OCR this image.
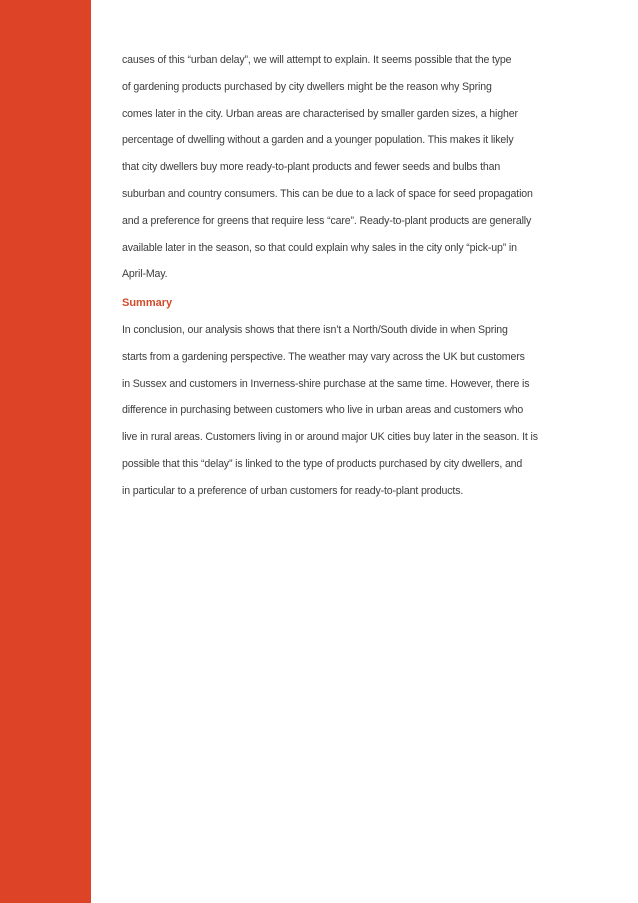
causes of this “urban delay”, we will attempt to explain. It seems possible that the type
of gardening products purchased by city dwellers might be the reason why Spring
comes later in the city. Urban areas are characterised by smaller garden sizes, a higher
percentage of dwelling without a garden and a younger population. This makes it likely
that city dwellers buy more ready-to-plant products and fewer seeds and bulbs than
suburban and country consumers. This can be due to a lack of space for seed propagation
and a preference for greens that require less “care”. Ready-to-plant products are generally
available later in the season, so that could explain why sales in the city only “pick-up” in
April-May.
Summary
In conclusion, our analysis shows that there isn’t a North/South divide in when Spring
starts from a gardening perspective. The weather may vary across the UK but customers
in Sussex and customers in Inverness-shire purchase at the same time. However, there is
difference in purchasing between customers who live in urban areas and customers who
live in rural areas. Customers living in or around major UK cities buy later in the season. It is
possible that this “delay” is linked to the type of products purchased by city dwellers, and
in particular to a preference of urban customers for ready-to-plant products.
